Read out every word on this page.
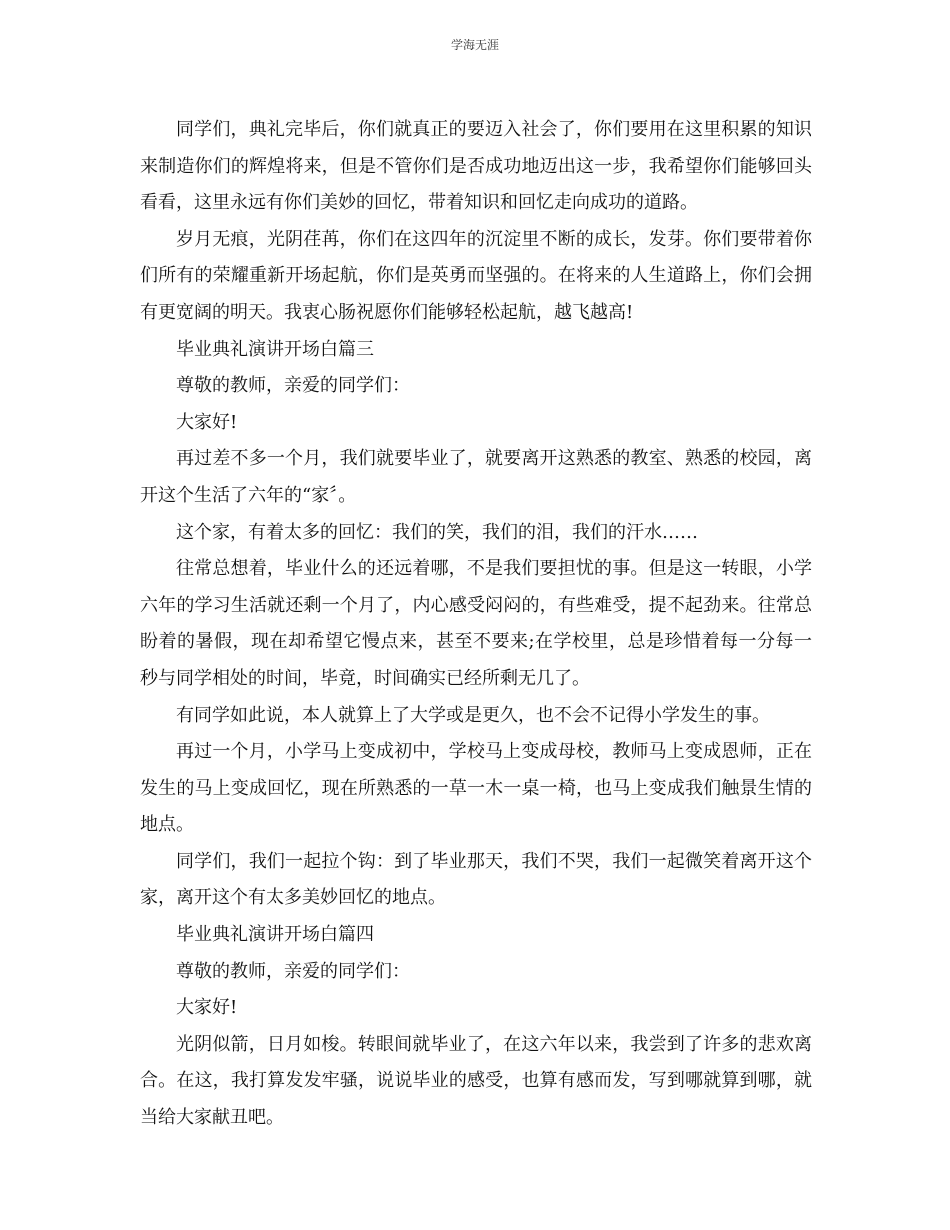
学海无涯

同学们，典礼完毕后，你们就真正的要迈入社会了，你们要用在这里积累的知识来制造你们的辉煌将来，但是不管你们是否成功地迈出这一步，我希望你们能够回头看看，这里永远有你们美妙的回忆，带着知识和回忆走向成功的道路。

岁月无痕，光阴荏苒，你们在这四年的沉淀里不断的成长，发芽。你们要带着你们所有的荣耀重新开场起航，你们是英勇而坚强的。在将来的人生道路上，你们会拥有更宽阔的明天。我衷心肠祝愿你们能够轻松起航，越飞越高!

毕业典礼演讲开场白篇三

尊敬的教师，亲爱的同学们：

大家好!

再过差不多一个月，我们就要毕业了，就要离开这熟悉的教室、熟悉的校园，离开这个生活了六年的“家〞。

这个家，有着太多的回忆：我们的笑，我们的泪，我们的汗水……

往常总想着，毕业什么的还远着哪，不是我们要担忧的事。但是这一转眼，小学六年的学习生活就还剩一个月了，内心感受闷闷的，有些难受，提不起劲来。往常总盼着的暑假，现在却希望它慢点来，甚至不要来;在学校里，总是珍惜着每一分每一秒与同学相处的时间，毕竟，时间确实已经所剩无几了。

有同学如此说，本人就算上了大学或是更久，也不会不记得小学发生的事。

再过一个月，小学马上变成初中，学校马上变成母校，教师马上变成恩师，正在发生的马上变成回忆，现在所熟悉的一草一木一桌一椅，也马上变成我们触景生情的地点。

同学们，我们一起拉个钩：到了毕业那天，我们不哭，我们一起微笑着离开这个家，离开这个有太多美妙回忆的地点。

毕业典礼演讲开场白篇四

尊敬的教师，亲爱的同学们：

大家好!

光阴似箭，日月如梭。转眼间就毕业了，在这六年以来，我尝到了许多的悲欢离合。在这，我打算发发牢骚，说说毕业的感受，也算有感而发，写到哪就算到哪，就当给大家献丑吧。
